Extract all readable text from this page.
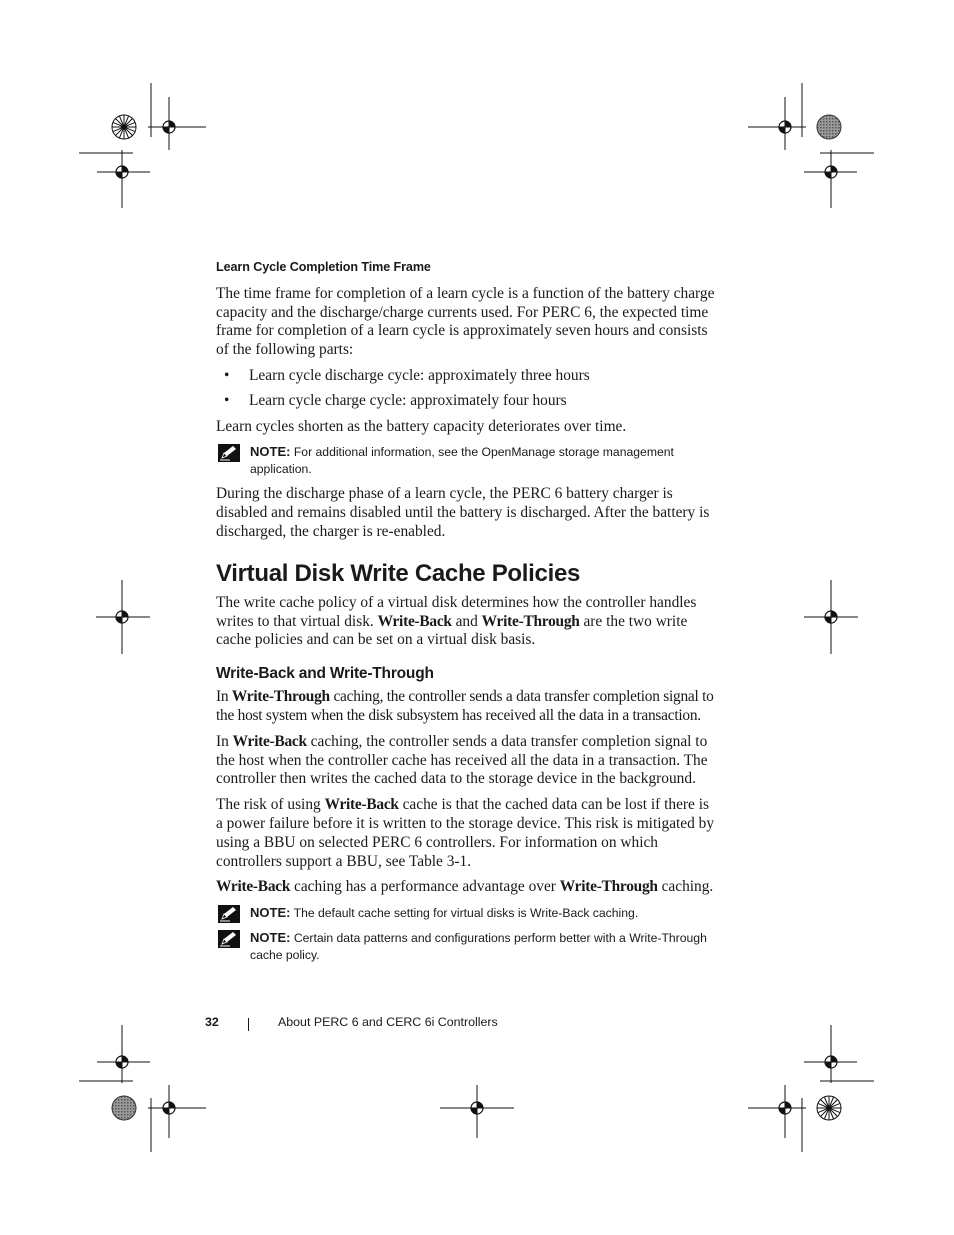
Learn Cycle Completion Time Frame

The time frame for completion of a learn cycle is a function of the battery charge capacity and the discharge/charge currents used. For PERC 6, the expected time frame for completion of a learn cycle is approximately seven hours and consists of the following parts:

• Learn cycle discharge cycle: approximately three hours
• Learn cycle charge cycle: approximately four hours

Learn cycles shorten as the battery capacity deteriorates over time.

NOTE: For additional information, see the OpenManage storage management application.

During the discharge phase of a learn cycle, the PERC 6 battery charger is disabled and remains disabled until the battery is discharged. After the battery is discharged, the charger is re-enabled.

Virtual Disk Write Cache Policies

The write cache policy of a virtual disk determines how the controller handles writes to that virtual disk. Write-Back and Write-Through are the two write cache policies and can be set on a virtual disk basis.

Write-Back and Write-Through

In Write-Through caching, the controller sends a data transfer completion signal to the host system when the disk subsystem has received all the data in a transaction.

In Write-Back caching, the controller sends a data transfer completion signal to the host when the controller cache has received all the data in a transaction. The controller then writes the cached data to the storage device in the background.

The risk of using Write-Back cache is that the cached data can be lost if there is a power failure before it is written to the storage device. This risk is mitigated by using a BBU on selected PERC 6 controllers. For information on which controllers support a BBU, see Table 3-1.

Write-Back caching has a performance advantage over Write-Through caching.

NOTE: The default cache setting for virtual disks is Write-Back caching.
NOTE: Certain data patterns and configurations perform better with a Write-Through cache policy.
32	About PERC 6 and CERC 6i Controllers
